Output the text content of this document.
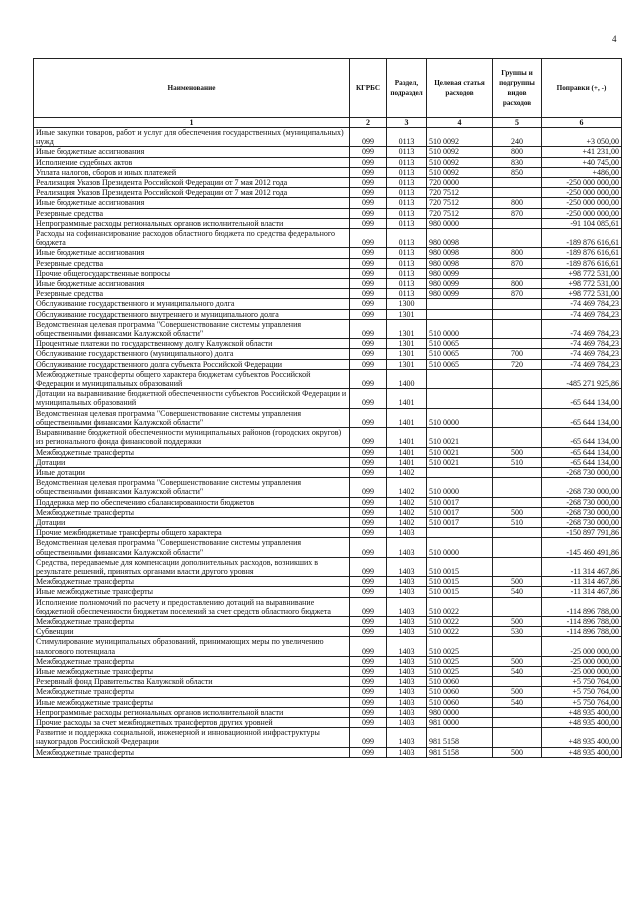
4
Наименование	КГРБС	Раздел, подраздел	Целевая статья расходов	Группы и подгруппы видов расходов	Поправки (+, -)
1	2	3	4	5	6
Иные закупки товаров, работ и услуг для обеспечения государственных (муниципальных) нужд	099	0113	510 0092	240	+3 050,00
Иные бюджетные ассигнования	099	0113	510 0092	800	+41 231,00
Исполнение судебных актов	099	0113	510 0092	830	+40 745,00
Уплата налогов, сборов и иных платежей	099	0113	510 0092	850	+486,00
Реализация Указов Президента Российской Федерации от 7 мая 2012 года	099	0113	720 0000		-250 000 000,00
Реализация Указов Президента Российской Федерации от 7 мая 2012 года	099	0113	720 7512		-250 000 000,00
Иные бюджетные ассигнования	099	0113	720 7512	800	-250 000 000,00
Резервные средства	099	0113	720 7512	870	-250 000 000,00
Непрограммные расходы региональных органов исполнительной власти	099	0113	980 0000		-91 104 085,61
Расходы на софинансирование расходов областного бюджета по средства федерального бюджета	099	0113	980 0098		-189 876 616,61
Иные бюджетные ассигнования	099	0113	980 0098	800	-189 876 616,61
Резервные средства	099	0113	980 0098	870	-189 876 616,61
Прочие общегосударственные вопросы	099	0113	980 0099		+98 772 531,00
Иные бюджетные ассигнования	099	0113	980 0099	800	+98 772 531,00
Резервные средства	099	0113	980 0099	870	+98 772 531,00
Обслуживание государственного и муниципального долга	099	1300			-74 469 784,23
Обслуживание государственного внутреннего и муниципального долга	099	1301			-74 469 784,23
Ведомственная целевая программа "Совершенствование системы управления общественными финансами Калужской области"	099	1301	510 0000		-74 469 784,23
Процентные платежи по государственному долгу Калужской области	099	1301	510 0065		-74 469 784,23
Обслуживание государственного (муниципального) долга	099	1301	510 0065	700	-74 469 784,23
Обслуживание государственного долга субъекта Российской Федерации	099	1301	510 0065	720	-74 469 784,23
Межбюджетные трансферты общего характера бюджетам субъектов Российской Федерации и муниципальных образований	099	1400			-485 271 925,86
Дотации на выравнивание бюджетной обеспеченности субъектов Российской Федерации и муниципальных образований	099	1401			-65 644 134,00
Ведомственная целевая программа "Совершенствование системы управления общественными финансами Калужской области"	099	1401	510 0000		-65 644 134,00
Выравнивание бюджетной обеспеченности муниципальных районов (городских округов) из регионального фонда финансовой поддержки	099	1401	510 0021		-65 644 134,00
Межбюджетные трансферты	099	1401	510 0021	500	-65 644 134,00
Дотации	099	1401	510 0021	510	-65 644 134,00
Иные дотации	099	1402			-268 730 000,00
Ведомственная целевая программа "Совершенствование системы управления общественными финансами Калужской области"	099	1402	510 0000		-268 730 000,00
Поддержка мер по обеспечению сбалансированности бюджетов	099	1402	510 0017		-268 730 000,00
Межбюджетные трансферты	099	1402	510 0017	500	-268 730 000,00
Дотации	099	1402	510 0017	510	-268 730 000,00
Прочие межбюджетные трансферты общего характера	099	1403			-150 897 791,86
Ведомственная целевая программа "Совершенствование системы управления общественными финансами Калужской области"	099	1403	510 0000		-145 460 491,86
Средства, передаваемые для компенсации дополнительных расходов, возникших в результате решений, принятых органами власти другого уровня	099	1403	510 0015		-11 314 467,86
Межбюджетные трансферты	099	1403	510 0015	500	-11 314 467,86
Иные межбюджетные трансферты	099	1403	510 0015	540	-11 314 467,86
Исполнение полномочий по расчету и предоставлению дотаций на выравнивание бюджетной обеспеченности бюджетам поселений за счет средств областного бюджета	099	1403	510 0022		-114 896 788,00
Межбюджетные трансферты	099	1403	510 0022	500	-114 896 788,00
Субвенции	099	1403	510 0022	530	-114 896 788,00
Стимулирование муниципальных образований, принимающих меры по увеличению налогового потенциала	099	1403	510 0025		-25 000 000,00
Межбюджетные трансферты	099	1403	510 0025	500	-25 000 000,00
Иные межбюджетные трансферты	099	1403	510 0025	540	-25 000 000,00
Резервный фонд Правительства Калужской области	099	1403	510 0060		+5 750 764,00
Межбюджетные трансферты	099	1403	510 0060	500	+5 750 764,00
Иные межбюджетные трансферты	099	1403	510 0060	540	+5 750 764,00
Непрограммные расходы региональных органов исполнительной власти	099	1403	980 0000		+48 935 400,00
Прочие расходы за счет межбюджетных трансфертов других уровней	099	1403	981 0000		+48 935 400,00
Развитие и поддержка социальной, инженерной и инновационной инфраструктуры наукоградов Российской Федерации	099	1403	981 5158		+48 935 400,00
Межбюджетные трансферты	099	1403	981 5158	500	+48 935 400,00
